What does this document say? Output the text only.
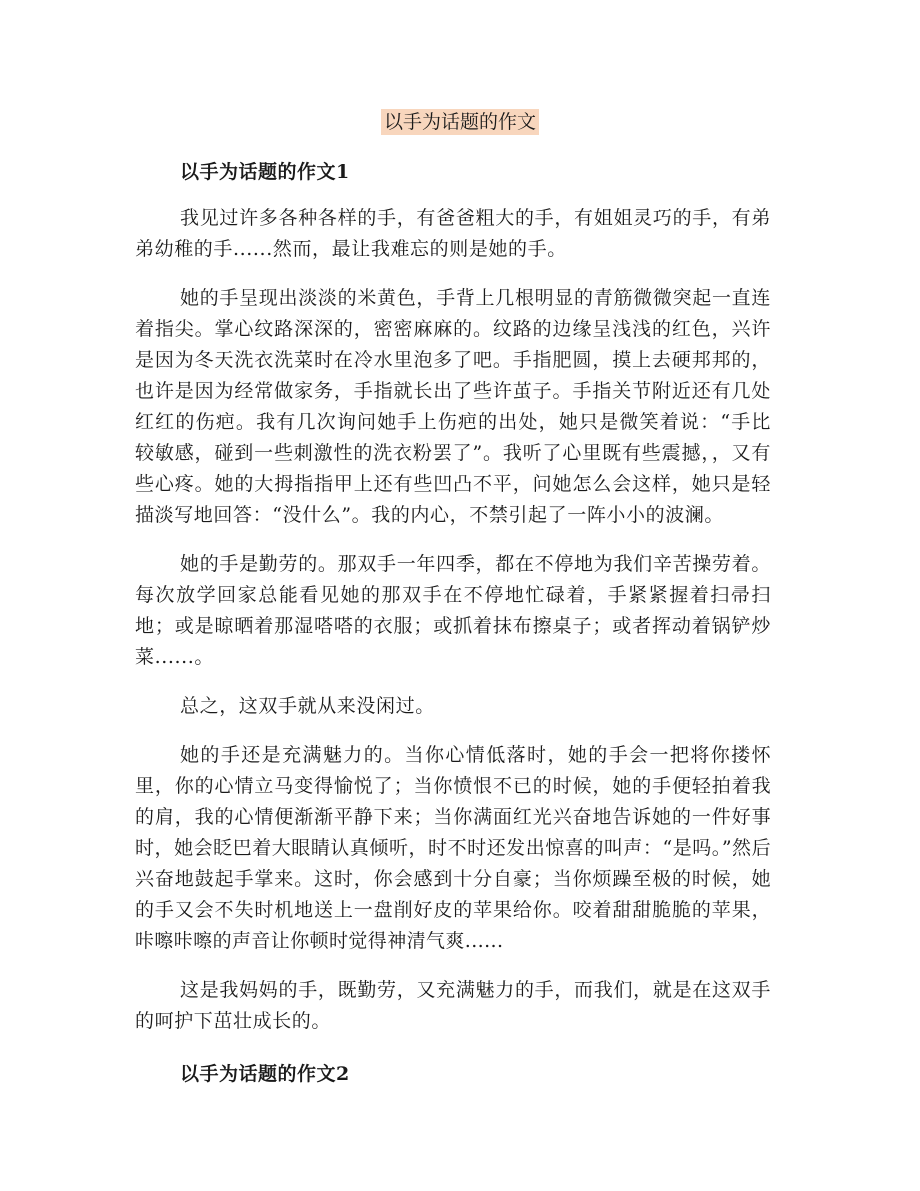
以手为话题的作文
以手为话题的作文1

我见过许多各种各样的手，有爸爸粗大的手，有姐姐灵巧的手，有弟弟幼稚的手......然而，最让我难忘的则是她的手。

她的手呈现出淡淡的米黄色，手背上几根明显的青筋微微突起一直连着指尖。掌心纹路深深的，密密麻麻的。纹路的边缘呈浅浅的红色，兴许是因为冬天洗衣洗菜时在冷水里泡多了吧。手指肥圆，摸上去硬邦邦的，也许是因为经常做家务，手指就长出了些许茧子。手指关节附近还有几处红红的伤疤。我有几次询问她手上伤疤的出处，她只是微笑着说：“手比较敏感，碰到一些刺激性的洗衣粉罢了”。我听了心里既有些震撼，，又有些心疼。她的大拇指指甲上还有些凹凸不平，问她怎么会这样，她只是轻描淡写地回答：“没什么”。我的内心，不禁引起了一阵小小的波澜。

她的手是勤劳的。那双手一年四季，都在不停地为我们辛苦操劳着。每次放学回家总能看见她的那双手在不停地忙碌着，手紧紧握着扫帚扫地；或是晾晒着那湿嗒嗒的衣服；或抓着抹布擦桌子；或者挥动着锅铲炒菜......。

总之，这双手就从来没闲过。

她的手还是充满魅力的。当你心情低落时，她的手会一把将你搂怀里，你的心情立马变得愉悦了；当你愤恨不已的时候，她的手便轻拍着我的肩，我的心情便渐渐平静下来；当你满面红光兴奋地告诉她的一件好事时，她会眨巴着大眼睛认真倾听，时不时还发出惊喜的叫声：“是吗。”然后兴奋地鼓起手掌来。这时，你会感到十分自豪；当你烦躁至极的时候，她的手又会不失时机地送上一盘削好皮的苹果给你。咬着甜甜脆脆的苹果，咔嚓咔嚓的声音让你顿时觉得神清气爽......

这是我妈妈的手，既勤劳，又充满魅力的手，而我们，就是在这双手的呵护下茁壮成长的。

以手为话题的作文2
